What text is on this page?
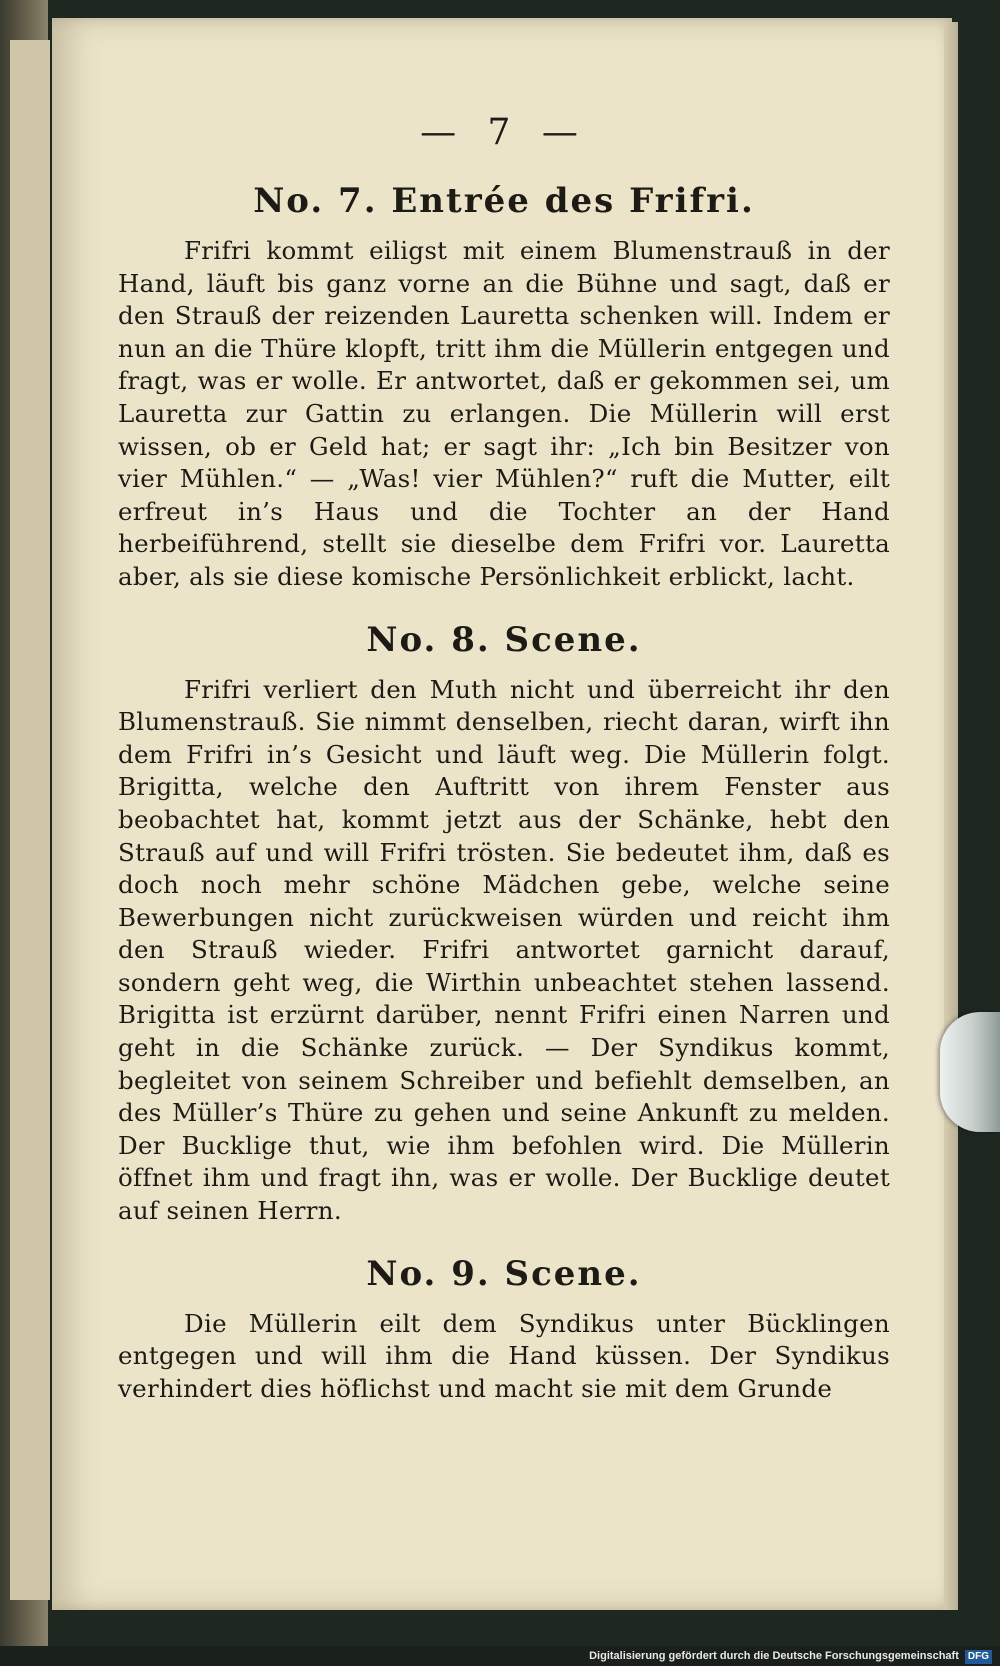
— 7 —
No. 7. Entrée des Frifri.

Frifri kommt eiligst mit einem Blumenstrauß in der Hand, läuft bis ganz vorne an die Bühne und sagt, daß er den Strauß der reizenden Lauretta schenken will. Indem er nun an die Thüre klopft, tritt ihm die Müllerin entgegen und fragt, was er wolle. Er antwortet, daß er gekommen sei, um Lauretta zur Gattin zu erlangen. Die Müllerin will erst wissen, ob er Geld hat; er sagt ihr: „Ich bin Besitzer von vier Mühlen.“ — „Was! vier Mühlen?“ ruft die Mutter, eilt erfreut in’s Haus und die Tochter an der Hand herbeiführend, stellt sie dieselbe dem Frifri vor. Lauretta aber, als sie diese komische Persönlichkeit erblickt, lacht.

No. 8. Scene.

Frifri verliert den Muth nicht und überreicht ihr den Blumenstrauß. Sie nimmt denselben, riecht daran, wirft ihn dem Frifri in’s Gesicht und läuft weg. Die Müllerin folgt. Brigitta, welche den Auftritt von ihrem Fenster aus beobachtet hat, kommt jetzt aus der Schänke, hebt den Strauß auf und will Frifri trösten. Sie bedeutet ihm, daß es doch noch mehr schöne Mädchen gebe, welche seine Bewerbungen nicht zurückweisen würden und reicht ihm den Strauß wieder. Frifri antwortet garnicht darauf, sondern geht weg, die Wirthin unbeachtet stehen lassend. Brigitta ist erzürnt darüber, nennt Frifri einen Narren und geht in die Schänke zurück. — Der Syndikus kommt, begleitet von seinem Schreiber und befiehlt demselben, an des Müller’s Thüre zu gehen und seine Ankunft zu melden. Der Bucklige thut, wie ihm befohlen wird. Die Müllerin öffnet ihm und fragt ihn, was er wolle. Der Bucklige deutet auf seinen Herrn.

No. 9. Scene.

Die Müllerin eilt dem Syndikus unter Bücklingen entgegen und will ihm die Hand küssen. Der Syndikus verhindert dies höflichst und macht sie mit dem Grunde

Digitalisierung gefördert durch die Deutsche Forschungsgemeinschaft DFG
